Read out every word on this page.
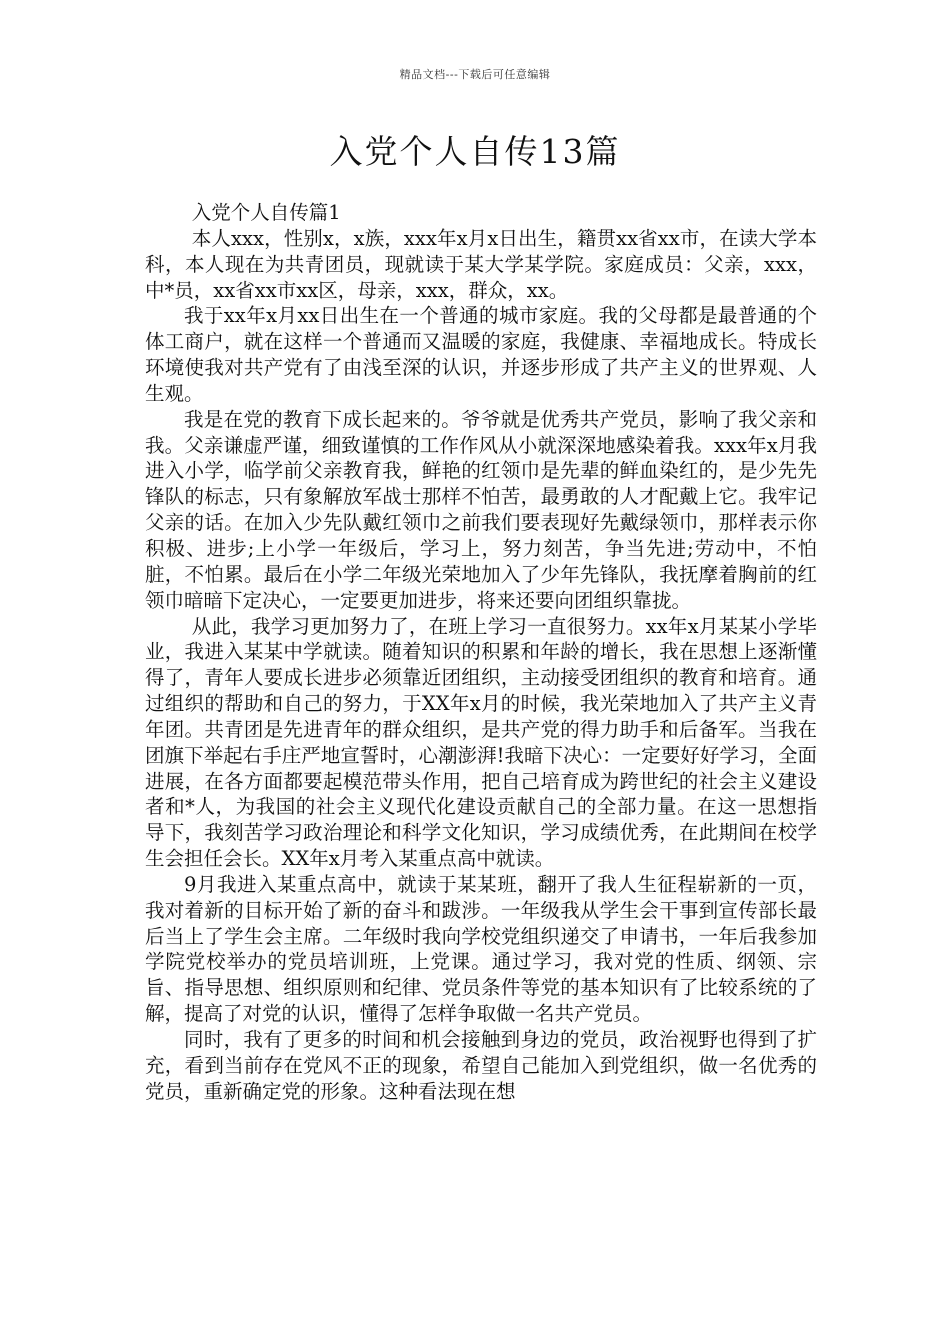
精品文档---下载后可任意编辑
入党个人自传13篇

入党个人自传篇1

本人xxx，性别x，x族，xxx年x月x日出生，籍贯xx省xx市，在读大学本科，本人现在为共青团员，现就读于某大学某学院。家庭成员：父亲，xxx，中*员，xx省xx市xx区，母亲，xxx，群众，xx。

我于xx年x月xx日出生在一个普通的城市家庭。我的父母都是最普通的个体工商户，就在这样一个普通而又温暖的家庭，我健康、幸福地成长。特成长环境使我对共产党有了由浅至深的认识，并逐步形成了共产主义的世界观、人生观。

我是在党的教育下成长起来的。爷爷就是优秀共产党员，影响了我父亲和我。父亲谦虚严谨，细致谨慎的工作作风从小就深深地感染着我。xxx年x月我进入小学，临学前父亲教育我，鲜艳的红领巾是先辈的鲜血染红的，是少先先锋队的标志，只有象解放军战士那样不怕苦，最勇敢的人才配戴上它。我牢记父亲的话。在加入少先队戴红领巾之前我们要表现好先戴绿领巾，那样表示你积极、进步;上小学一年级后，学习上，努力刻苦，争当先进;劳动中，不怕脏，不怕累。最后在小学二年级光荣地加入了少年先锋队，我抚摩着胸前的红领巾暗暗下定决心，一定要更加进步，将来还要向团组织靠拢。

从此，我学习更加努力了，在班上学习一直很努力。xx年x月某某小学毕业，我进入某某中学就读。随着知识的积累和年龄的增长，我在思想上逐渐懂得了，青年人要成长进步必须靠近团组织，主动接受团组织的教育和培育。通过组织的帮助和自己的努力，于XX年x月的时候，我光荣地加入了共产主义青年团。共青团是先进青年的群众组织，是共产党的得力助手和后备军。当我在团旗下举起右手庄严地宣誓时，心潮澎湃!我暗下决心：一定要好好学习，全面进展，在各方面都要起模范带头作用，把自己培育成为跨世纪的社会主义建设者和*人，为我国的社会主义现代化建设贡献自己的全部力量。在这一思想指导下，我刻苦学习政治理论和科学文化知识，学习成绩优秀，在此期间在校学生会担任会长。XX年x月考入某重点高中就读。

9月我进入某重点高中，就读于某某班，翻开了我人生征程崭新的一页，我对着新的目标开始了新的奋斗和跋涉。一年级我从学生会干事到宣传部长最后当上了学生会主席。二年级时我向学校党组织递交了申请书，一年后我参加学院党校举办的党员培训班，上党课。通过学习，我对党的性质、纲领、宗旨、指导思想、组织原则和纪律、党员条件等党的基本知识有了比较系统的了解，提高了对党的认识，懂得了怎样争取做一名共产党员。

同时，我有了更多的时间和机会接触到身边的党员，政治视野也得到了扩充，看到当前存在党风不正的现象，希望自己能加入到党组织，做一名优秀的党员，重新确定党的形象。这种看法现在想
